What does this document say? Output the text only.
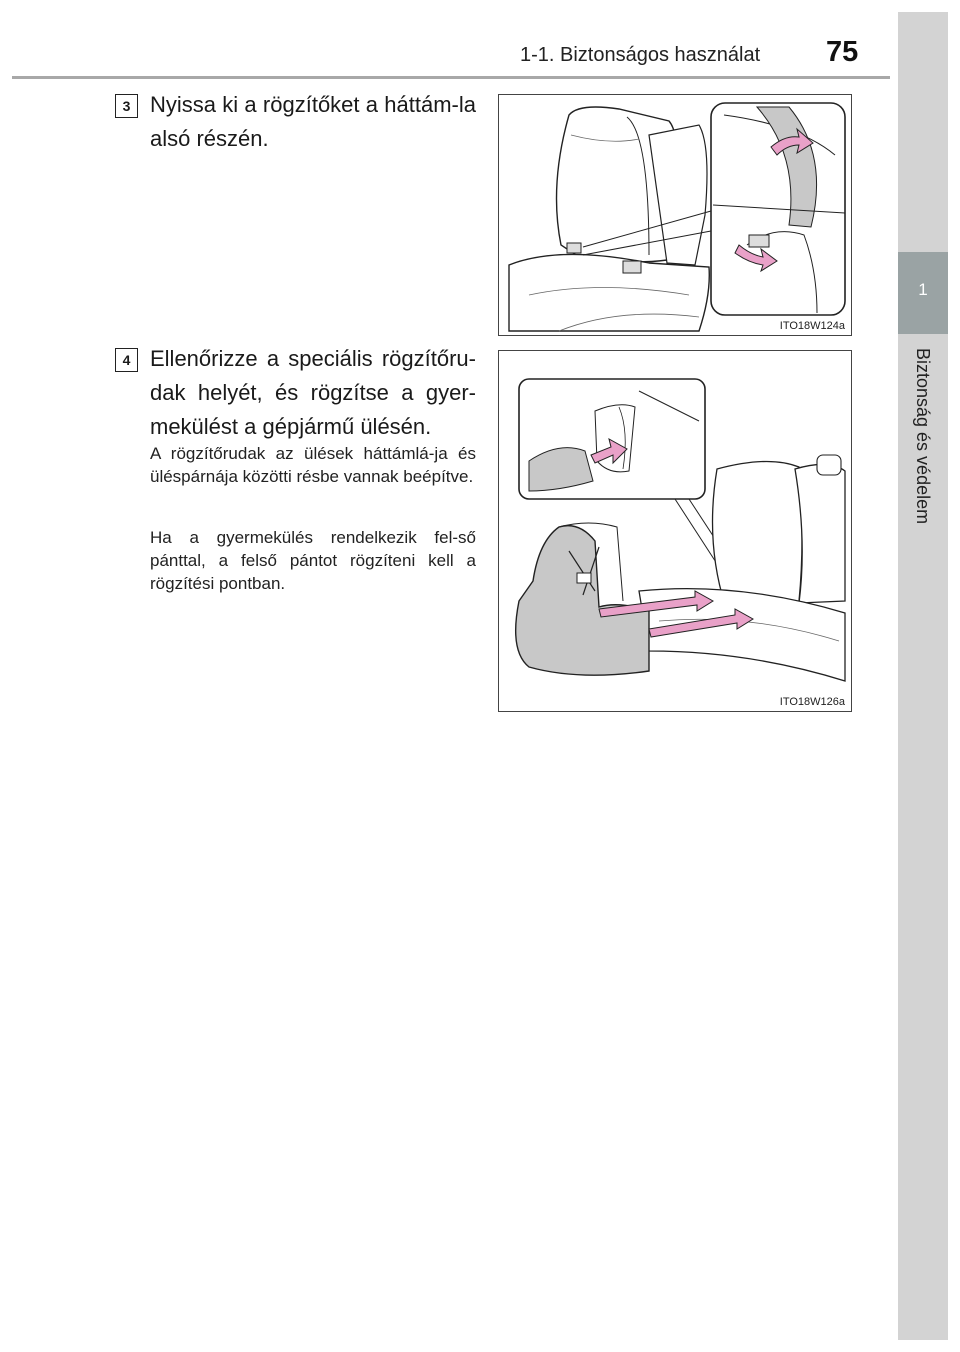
1-1. Biztonságos használat 75
1
Biztonság és védelem
3 Nyissa ki a rögzítőket a háttám-la alsó részén.
ITO18W124a
4 Ellenőrizze a speciális rögzítőru-dak helyét, és rögzítse a gyer-mekülést a gépjármű ülésén.
A rögzítőrudak az ülések háttámlá-ja és üléspárnája közötti résbe vannak beépítve.
Ha a gyermekülés rendelkezik fel-ső pánttal, a felső pántot rögzíteni kell a rögzítési pontban.
ITO18W126a
